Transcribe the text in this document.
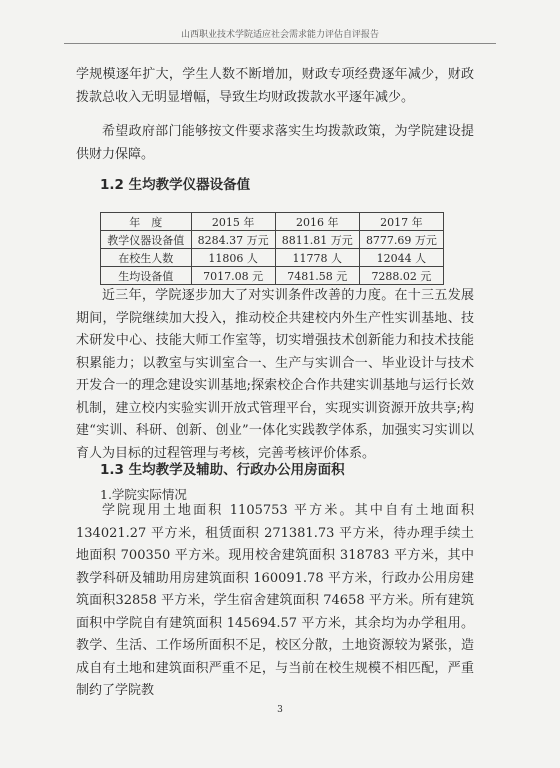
山西职业技术学院适应社会需求能力评估自评报告

学规模逐年扩大，学生人数不断增加，财政专项经费逐年减少，财政拨款总收入无明显增幅，导致生均财政拨款水平逐年减少。

希望政府部门能够按文件要求落实生均拨款政策，为学院建设提供财力保障。

1.2 生均教学仪器设备值
年　度	2015 年	2016 年	2017 年
教学仪器设备值	8284.37 万元	8811.81 万元	8777.69 万元
在校生人数	11806 人	11778 人	12044 人
生均设备值	7017.08 元	7481.58 元	7288.02 元

近三年，学院逐步加大了对实训条件改善的力度。在十三五发展期间，学院继续加大投入，推动校企共建校内外生产性实训基地、技术研发中心、技能大师工作室等，切实增强技术创新能力和技术技能积累能力；以教室与实训室合一、生产与实训合一、毕业设计与技术开发合一的理念建设实训基地;探索校企合作共建实训基地与运行长效机制，建立校内实验实训开放式管理平台，实现实训资源开放共享;构建“实训、科研、创新、创业”一体化实践教学体系，加强实习实训以育人为目标的过程管理与考核，完善考核评价体系。

1.3 生均教学及辅助、行政办公用房面积
1.学院实际情况

学院现用土地面积 1105753 平方米。其中自有土地面积134021.27 平方米，租赁面积 271381.73 平方米，待办理手续土地面积 700350 平方米。现用校舍建筑面积 318783 平方米，其中教学科研及辅助用房建筑面积 160091.78 平方米，行政办公用房建筑面积32858 平方米，学生宿舍建筑面积 74658 平方米。所有建筑面积中学院自有建筑面积 145694.57 平方米，其余均为办学租用。教学、生活、工作场所面积不足，校区分散，土地资源较为紧张，造成自有土地和建筑面积严重不足，与当前在校生规模不相匹配，严重制约了学院教

3
